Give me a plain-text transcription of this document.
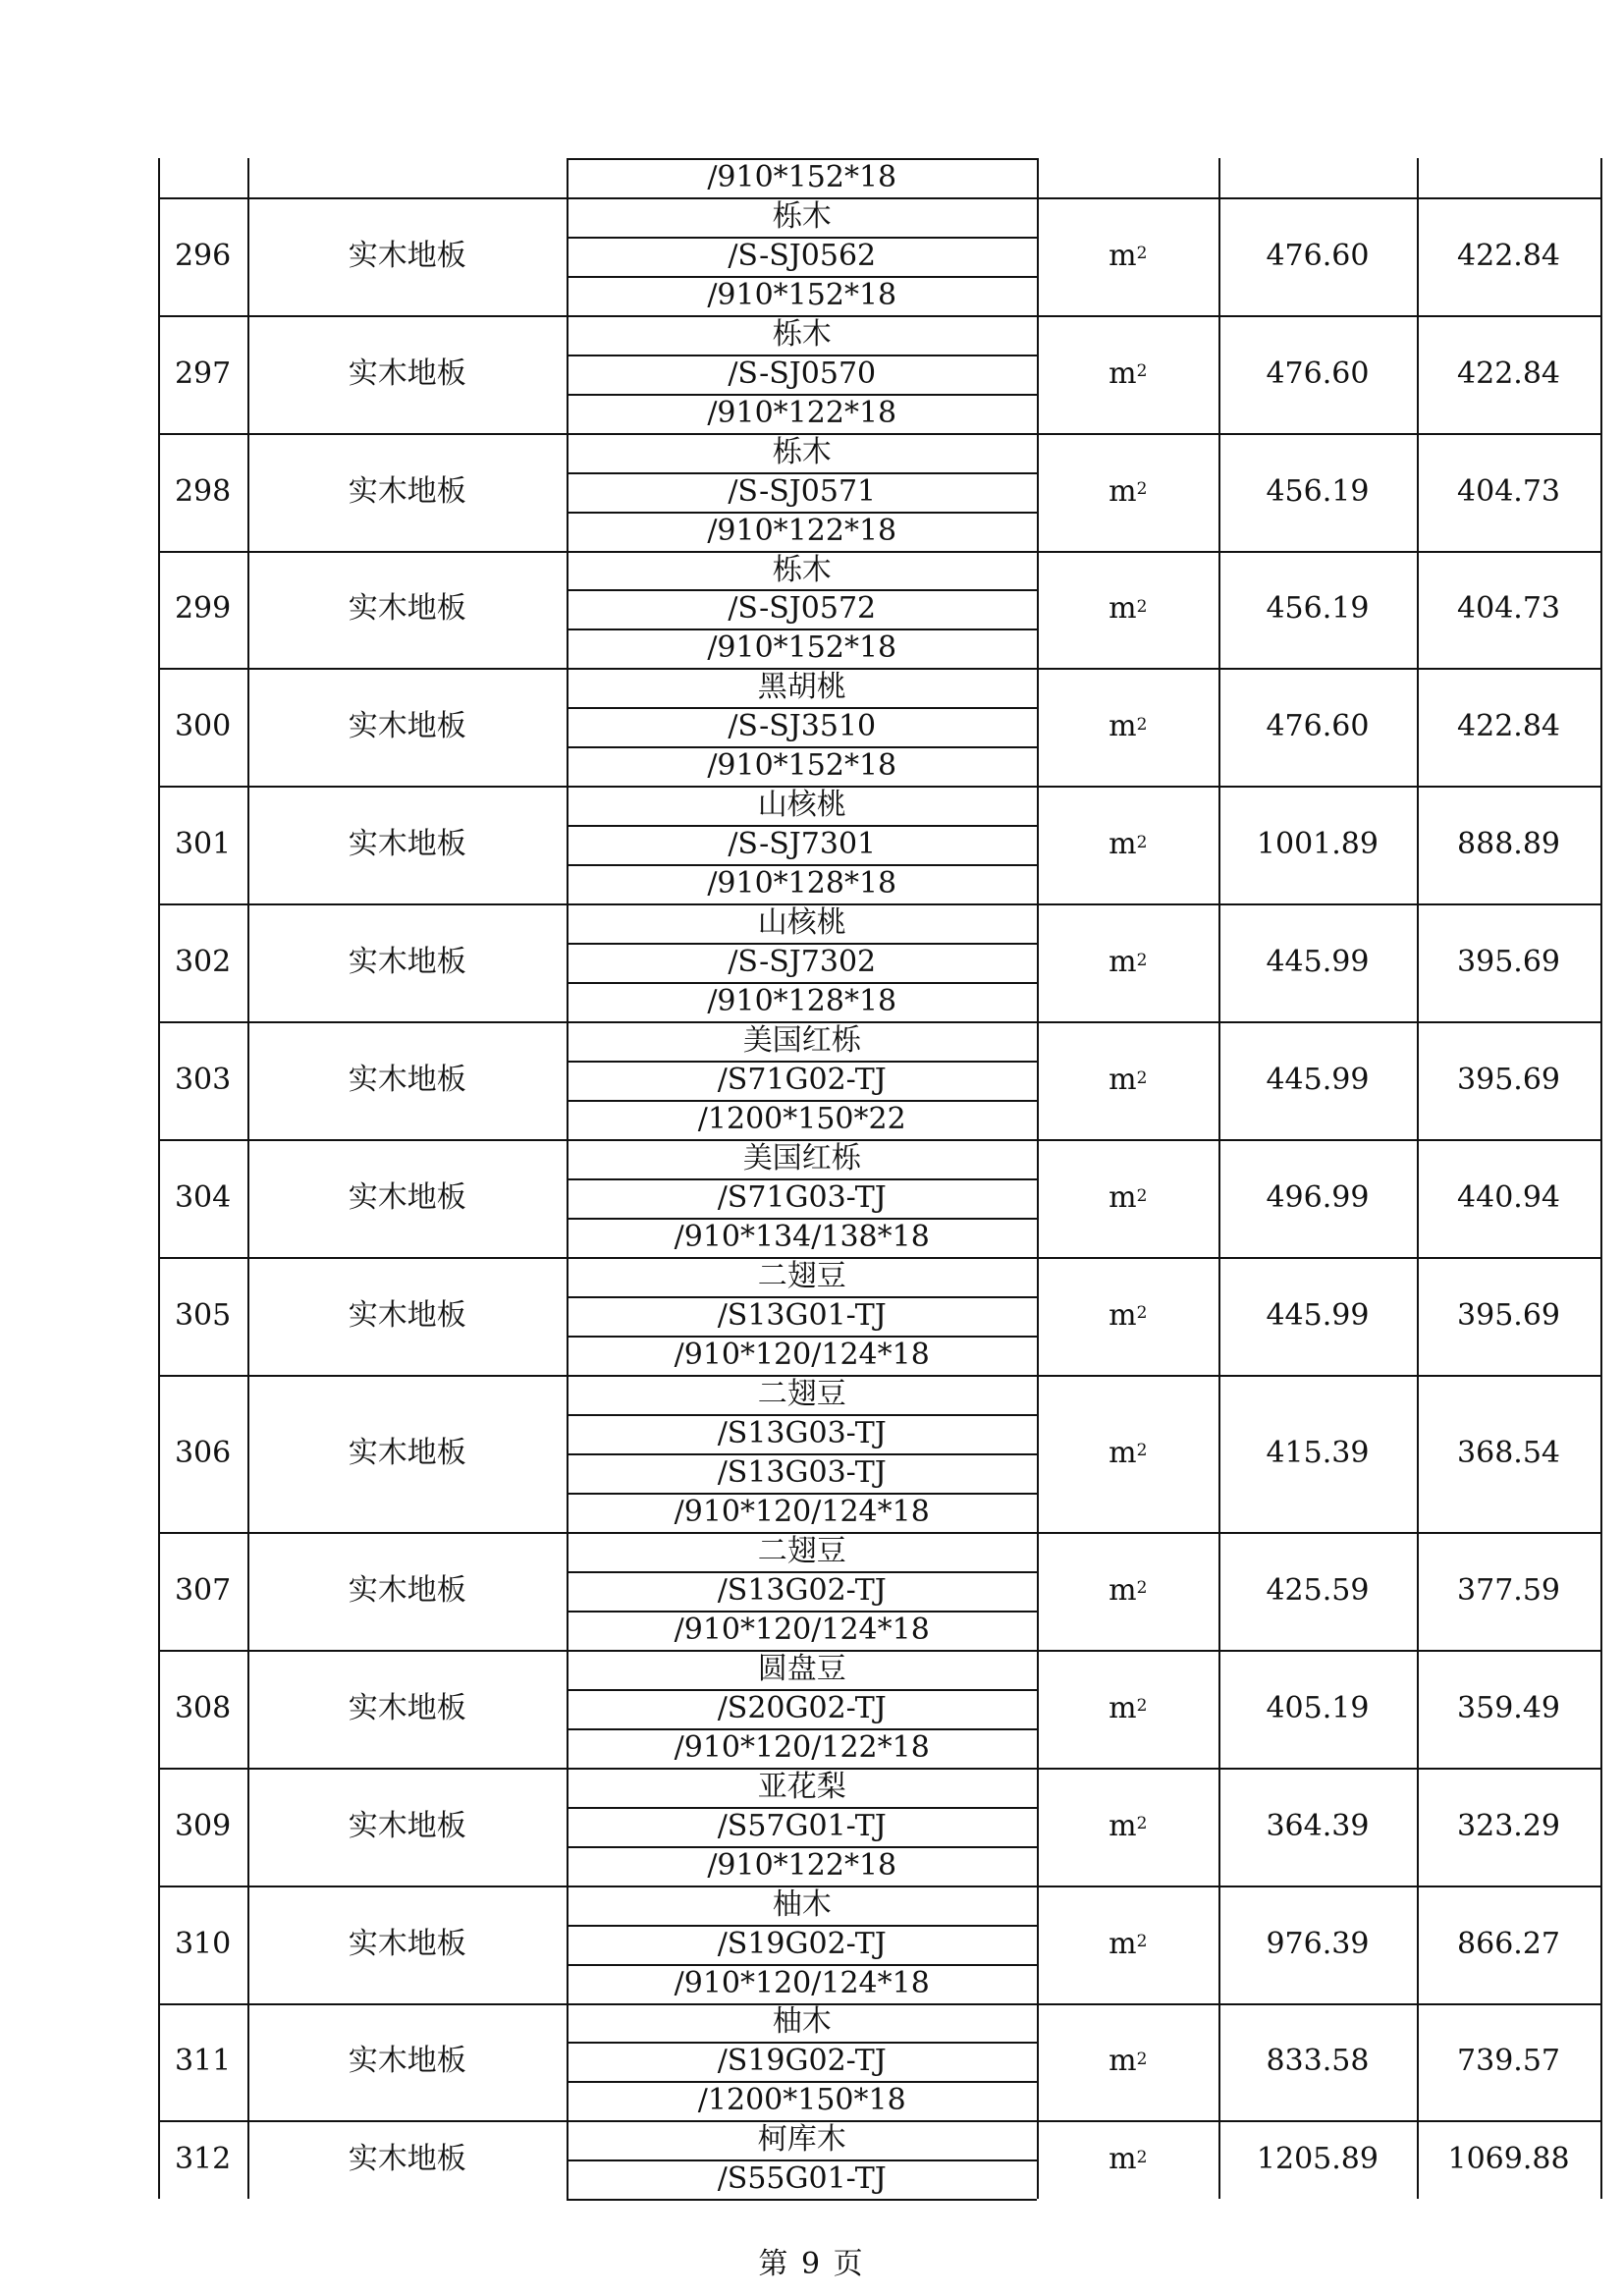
/910*152*18
296	实木地板
栎木
/S-SJ0562
/910*152*18
$m^2$	476.60	422.84
297	实木地板
栎木
/S-SJ0570
/910*122*18
$m^2$	476.60	422.84
298	实木地板
栎木
/S-SJ0571
/910*122*18
$m^2$	456.19	404.73
299	实木地板
栎木
/S-SJ0572
/910*152*18
$m^2$	456.19	404.73
300	实木地板
黑胡桃
/S-SJ3510
/910*152*18
$m^2$	476.60	422.84
301	实木地板
山核桃
/S-SJ7301
/910*128*18
$m^2$	1001.89	888.89
302	实木地板
山核桃
/S-SJ7302
/910*128*18
$m^2$	445.99	395.69
303	实木地板
美国红栎
/S71G02-TJ
/1200*150*22
$m^2$	445.99	395.69
304	实木地板
美国红栎
/S71G03-TJ
/910*134/138*18
$m^2$	496.99	440.94
305	实木地板
二翅豆
/S13G01-TJ
/910*120/124*18
$m^2$	445.99	395.69
306	实木地板
二翅豆
/S13G03-TJ
/S13G03-TJ
/910*120/124*18
$m^2$	415.39	368.54
307	实木地板
二翅豆
/S13G02-TJ
/910*120/124*18
$m^2$	425.59	377.59
308	实木地板
圆盘豆
/S20G02-TJ
/910*120/122*18
$m^2$	405.19	359.49
309	实木地板
亚花梨
/S57G01-TJ
/910*122*18
$m^2$	364.39	323.29
310	实木地板
柚木
/S19G02-TJ
/910*120/124*18
$m^2$	976.39	866.27
311	实木地板
柚木
/S19G02-TJ
/1200*150*18
$m^2$	833.58	739.57
312	实木地板
柯库木
/S55G01-TJ
$m^2$	1205.89	1069.88
第 9 页
